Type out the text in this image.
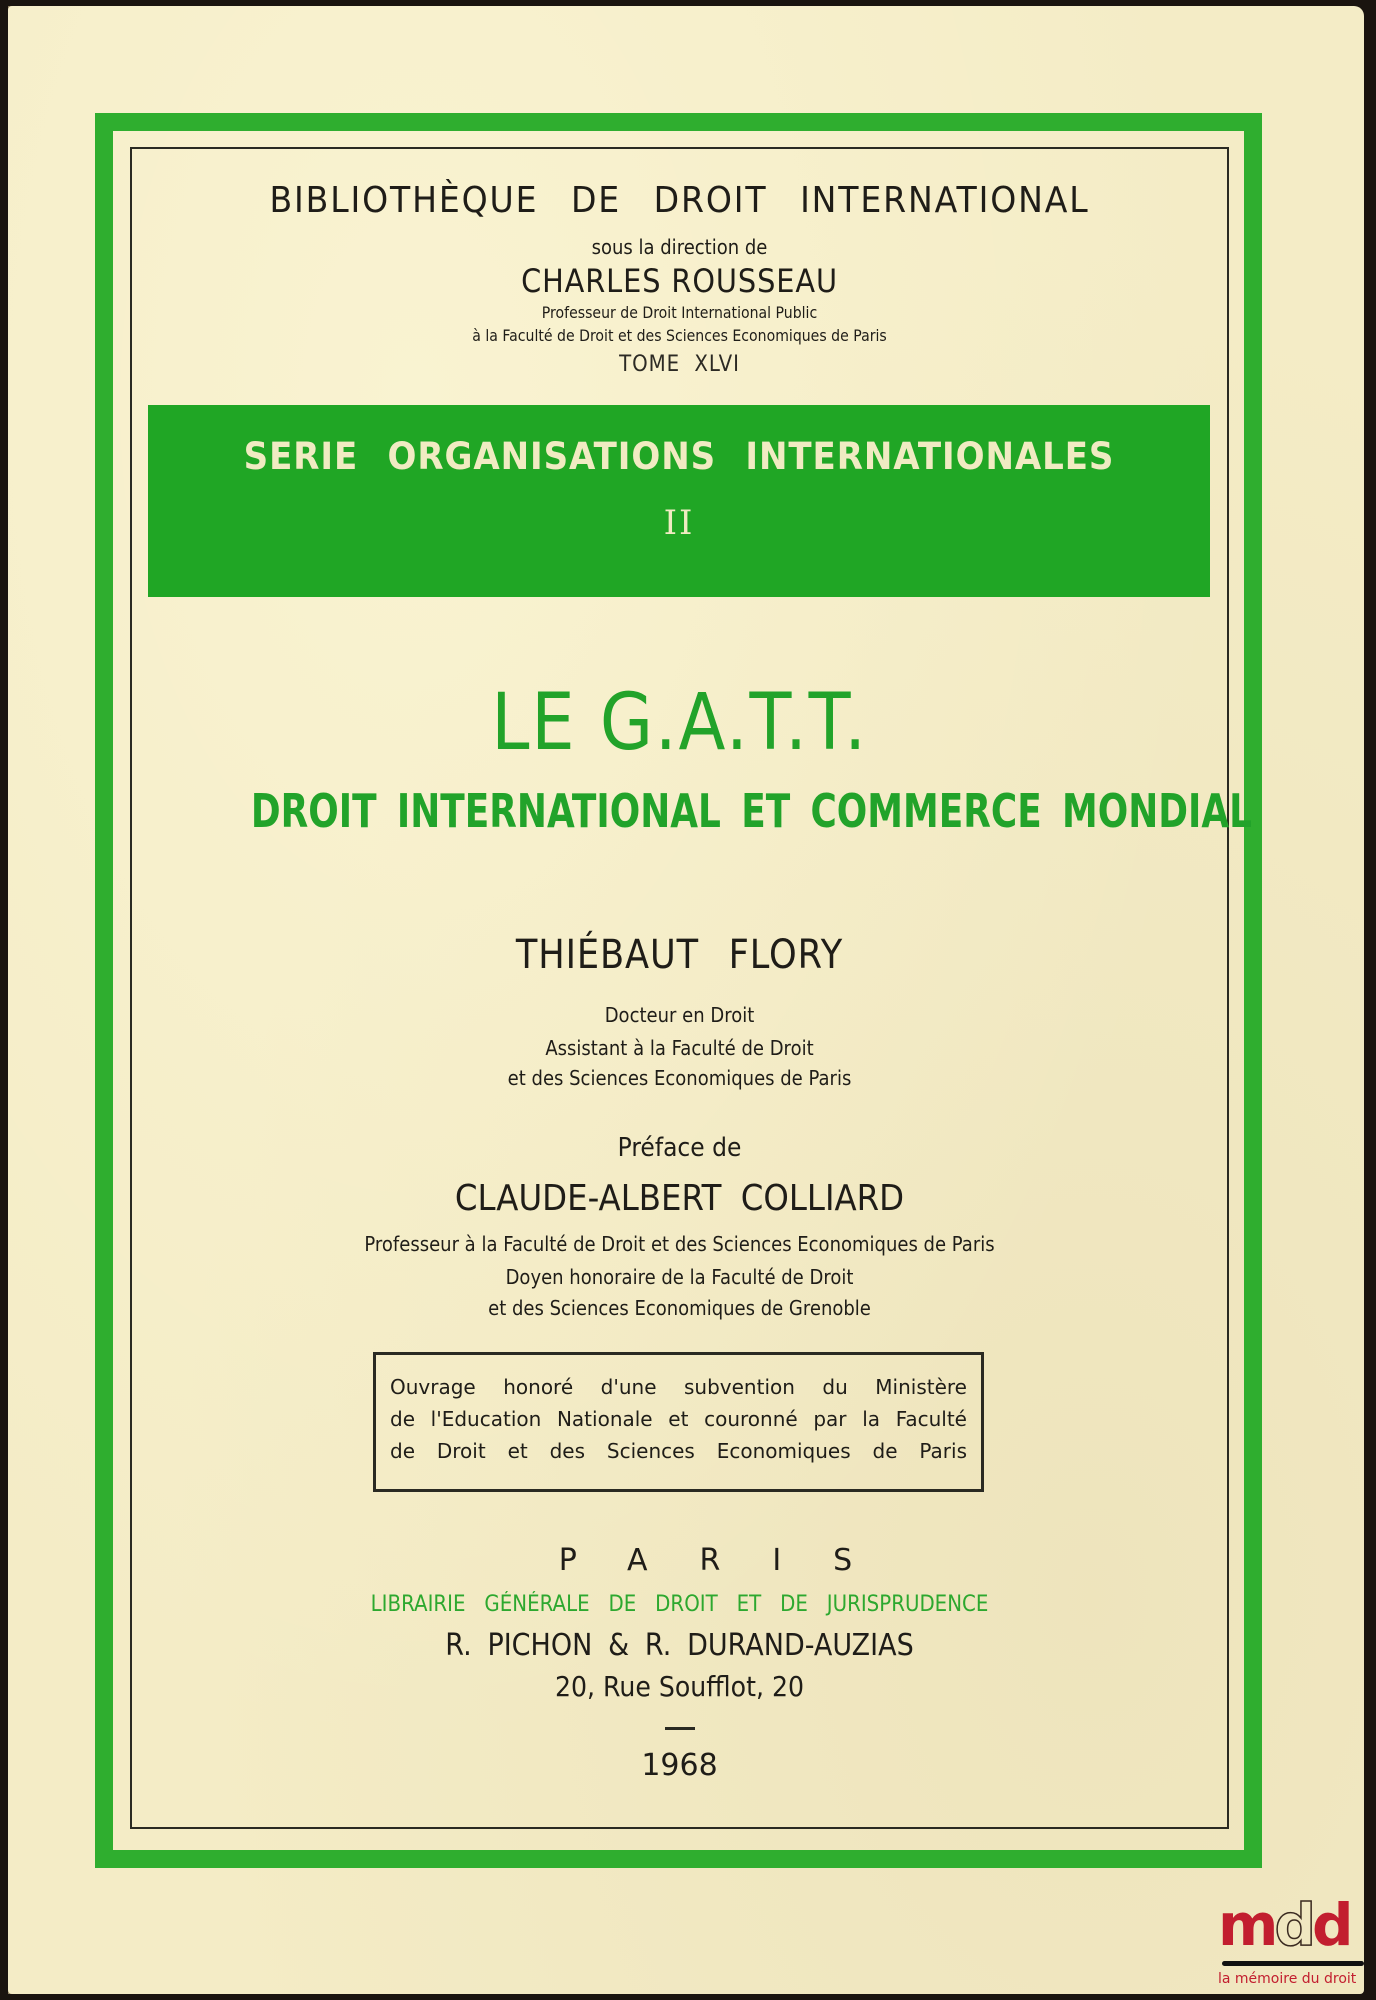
BIBLIOTHÈQUE DE DROIT INTERNATIONAL
sous la direction de
CHARLES ROUSSEAU
Professeur de Droit International Public
à la Faculté de Droit et des Sciences Economiques de Paris
TOME XLVI
SERIE ORGANISATIONS INTERNATIONALES
II
LE G.A.T.T.
DROIT INTERNATIONAL ET COMMERCE MONDIAL
THIÉBAUT FLORY
Docteur en Droit
Assistant à la Faculté de Droit
et des Sciences Economiques de Paris
Préface de
CLAUDE-ALBERT COLLIARD
Professeur à la Faculté de Droit et des Sciences Economiques de Paris
Doyen honoraire de la Faculté de Droit
et des Sciences Economiques de Grenoble
Ouvrage honoré d'une subvention du Ministère
de l'Education Nationale et couronné par la Faculté
de Droit et des Sciences Economiques de Paris
PARIS
LIBRAIRIE GÉNÉRALE DE DROIT ET DE JURISPRUDENCE
R. PICHON & R. DURAND-AUZIAS
20, Rue Soufflot, 20
1968
mdd
la mémoire du droit
